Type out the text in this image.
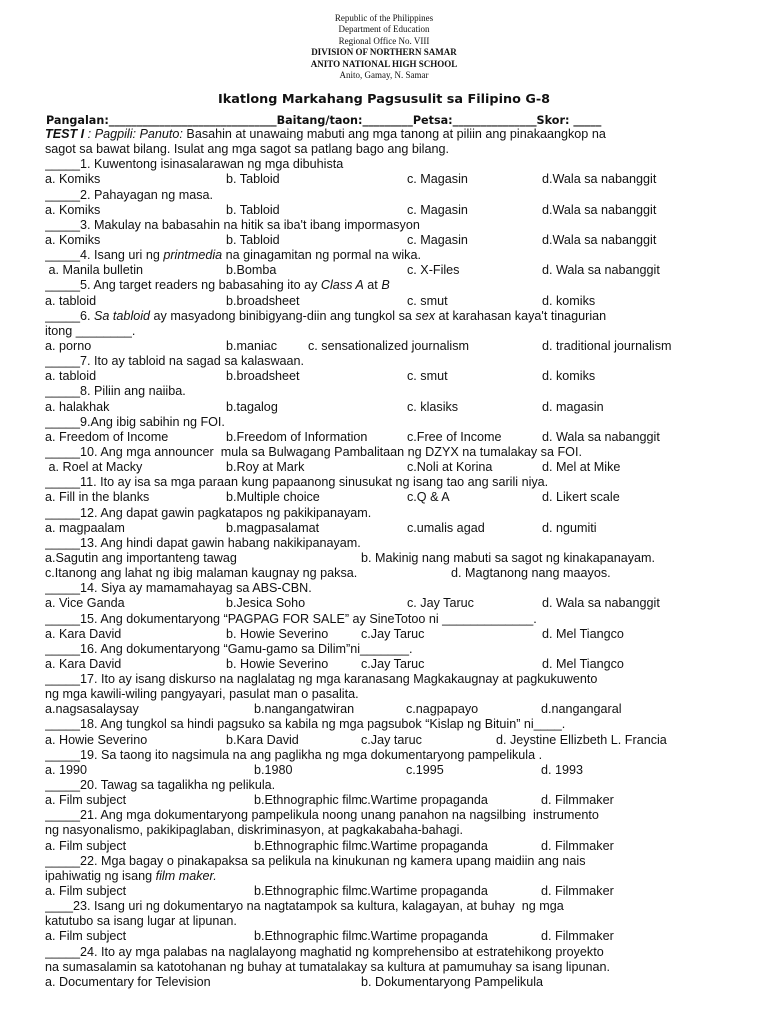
Republic of the Philippines
Department of Education
Regional Office No. VIII
DIVISION OF NORTHERN SAMAR
ANITO NATIONAL HIGH SCHOOL
Anito, Gamay, N. Samar
Ikatlong Markahang Pagsusulit sa Filipino G-8
Pangalan:______________________________Baitang/taon:_________Petsa:_______________Skor: _____
TEST I : Pagpili: Panuto: Basahin at unawaing mabuti ang mga tanong at piliin ang pinakaangkop na
sagot sa bawat bilang. Isulat ang mga sagot sa patlang bago ang bilang.
_____1. Kuwentong isinasalarawan ng mga dibuhista
a. Komiks	b. Tabloid	c. Magasin	d.Wala sa nabanggit
_____2. Pahayagan ng masa.
a. Komiks	b. Tabloid	c. Magasin	d.Wala sa nabanggit
_____3. Makulay na babasahin na hitik sa iba't ibang impormasyon
a. Komiks	b. Tabloid	c. Magasin	d.Wala sa nabanggit
_____4. Isang uri ng printmedia na ginagamitan ng pormal na wika.
a. Manila bulletin	b.Bomba	c. X-Files	d. Wala sa nabanggit
_____5. Ang target readers ng babasahing ito ay Class A at B
a. tabloid	b.broadsheet	c. smut	d. komiks
_____6. Sa tabloid ay masyadong binibigyang-diin ang tungkol sa sex at karahasan kaya't tinagurian
itong ________.
a. porno	b.maniac	c. sensationalized journalism	d. traditional journalism
_____7. Ito ay tabloid na sagad sa kalaswaan.
a. tabloid	b.broadsheet	c. smut	d. komiks
_____8. Piliin ang naiiba.
a. halakhak	b.tagalog	c. klasiks	d. magasin
_____9.Ang ibig sabihin ng FOI.
a. Freedom of Income	b.Freedom of Information	c.Free of Income	d. Wala sa nabanggit
_____10. Ang mga announcer  mula sa Bulwagang Pambalitaan ng DZYX na tumalakay sa FOI.
a. Roel at Macky	b.Roy at Mark	c.Noli at Korina	d. Mel at Mike
_____11. Ito ay isa sa mga paraan kung papaanong sinusukat ng isang tao ang sarili niya.
a. Fill in the blanks	b.Multiple choice	c.Q & A	d. Likert scale
_____12. Ang dapat gawin pagkatapos ng pakikipanayam.
a. magpaalam	b.magpasalamat	c.umalis agad	d. ngumiti
_____13. Ang hindi dapat gawin habang nakikipanayam.
a.Sagutin ang importanteng tawag	b. Makinig nang mabuti sa sagot ng kinakapanayam.
c.Itanong ang lahat ng ibig malaman kaugnay ng paksa.	d. Magtanong nang maayos.
_____14. Siya ay mamamahayag sa ABS-CBN.
a. Vice Ganda	b.Jesica Soho	c. Jay Taruc	d. Wala sa nabanggit
_____15. Ang dokumentaryong “PAGPAG FOR SALE” ay SineTotoo ni _____________.
a. Kara David	b. Howie Severino	c.Jay Taruc	d. Mel Tiangco
_____16. Ang dokumentaryong “Gamu-gamo sa Dilim”ni_______.
a. Kara David	b. Howie Severino	c.Jay Taruc	d. Mel Tiangco
_____17. Ito ay isang diskurso na naglalatag ng mga karanasang Magkakaugnay at pagkukuwento
ng mga kawili-wiling pangyayari, pasulat man o pasalita.
a.nagsasalaysay	b.nangangatwiran	c.nagpapayo	d.nangangaral
_____18. Ang tungkol sa hindi pagsuko sa kabila ng mga pagsubok “Kislap ng Bituin” ni____.
a. Howie Severino	b.Kara David	c.Jay taruc	d. Jeystine Ellizbeth L. Francia
_____19. Sa taong ito nagsimula na ang paglikha ng mga dokumentaryong pampelikula .
a. 1990	b.1980	c.1995	d. 1993
_____20. Tawag sa tagalikha ng pelikula.
a. Film subject	b.Ethnographic film c.Wartime propaganda	d. Filmmaker
_____21. Ang mga dokumentaryong pampelikula noong unang panahon na nagsilbing  instrumento
ng nasyonalismo, pakikipaglaban, diskriminasyon, at pagkakabaha-bahagi.
a. Film subject	b.Ethnographic film c.Wartime propaganda	d. Filmmaker
_____22. Mga bagay o pinakapaksa sa pelikula na kinukunan ng kamera upang maidiin ang nais
ipahiwatig ng isang film maker.
a. Film subject	b.Ethnographic film c.Wartime propaganda	d. Filmmaker
____23. Isang uri ng dokumentaryo na nagtatampok sa kultura, kalagayan, at buhay  ng mga
katutubo sa isang lugar at lipunan.
a. Film subject	b.Ethnographic film c.Wartime propaganda	d. Filmmaker
_____24. Ito ay mga palabas na naglalayong maghatid ng komprehensibo at estratehikong proyekto
na sumasalamin sa katotohanan ng buhay at tumatalakay sa kultura at pamumuhay sa isang lipunan.
a. Documentary for Television	b. Dokumentaryong Pampelikula
